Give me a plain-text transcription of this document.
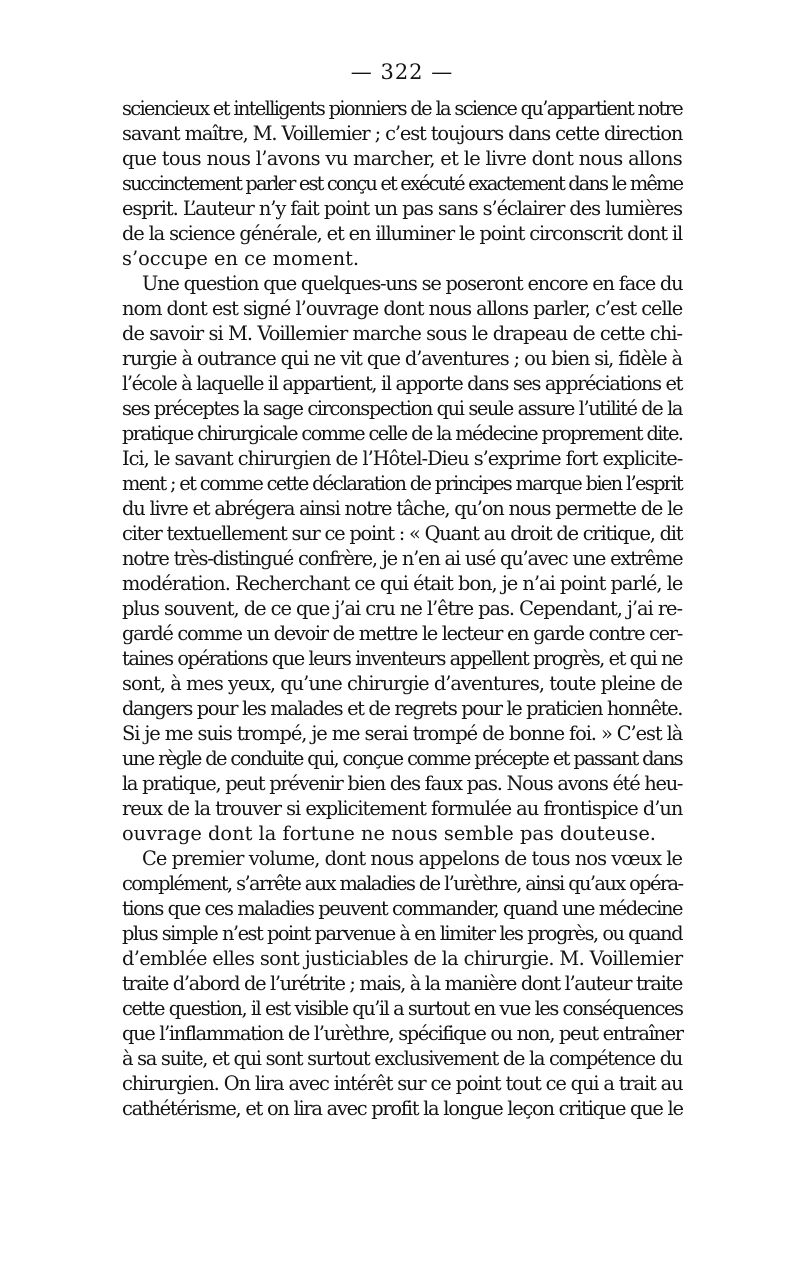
— 322 —

sciencieux et intelligents pionniers de la science qu’appartient notre
savant maître, M. Voillemier ; c’est toujours dans cette direction
que tous nous l’avons vu marcher, et le livre dont nous allons
succinctement parler est conçu et exécuté exactement dans le même
esprit. L’auteur n’y fait point un pas sans s’éclairer des lumières
de la science générale, et en illuminer le point circonscrit dont il
s’occupe en ce moment.

Une question que quelques-uns se poseront encore en face du
nom dont est signé l’ouvrage dont nous allons parler, c’est celle
de savoir si M. Voillemier marche sous le drapeau de cette chi-
rurgie à outrance qui ne vit que d’aventures ; ou bien si, fidèle à
l’école à laquelle il appartient, il apporte dans ses appréciations et
ses préceptes la sage circonspection qui seule assure l’utilité de la
pratique chirurgicale comme celle de la médecine proprement dite.
Ici, le savant chirurgien de l’Hôtel-Dieu s’exprime fort explicite-
ment ; et comme cette déclaration de principes marque bien l’esprit
du livre et abrégera ainsi notre tâche, qu’on nous permette de le
citer textuellement sur ce point : « Quant au droit de critique, dit
notre très-distingué confrère, je n’en ai usé qu’avec une extrême
modération. Recherchant ce qui était bon, je n’ai point parlé, le
plus souvent, de ce que j’ai cru ne l’être pas. Cependant, j’ai re-
gardé comme un devoir de mettre le lecteur en garde contre cer-
taines opérations que leurs inventeurs appellent progrès, et qui ne
sont, à mes yeux, qu’une chirurgie d’aventures, toute pleine de
dangers pour les malades et de regrets pour le praticien honnête.
Si je me suis trompé, je me serai trompé de bonne foi. » C’est là
une règle de conduite qui, conçue comme précepte et passant dans
la pratique, peut prévenir bien des faux pas. Nous avons été heu-
reux de la trouver si explicitement formulée au frontispice d’un
ouvrage dont la fortune ne nous semble pas douteuse.

Ce premier volume, dont nous appelons de tous nos vœux le
complément, s’arrête aux maladies de l’urèthre, ainsi qu’aux opéra-
tions que ces maladies peuvent commander, quand une médecine
plus simple n’est point parvenue à en limiter les progrès, ou quand
d’emblée elles sont justiciables de la chirurgie. M. Voillemier
traite d’abord de l’urétrite ; mais, à la manière dont l’auteur traite
cette question, il est visible qu’il a surtout en vue les conséquences
que l’inflammation de l’urèthre, spécifique ou non, peut entraîner
à sa suite, et qui sont surtout exclusivement de la compétence du
chirurgien. On lira avec intérêt sur ce point tout ce qui a trait au
cathétérisme, et on lira avec profit la longue leçon critique que le
